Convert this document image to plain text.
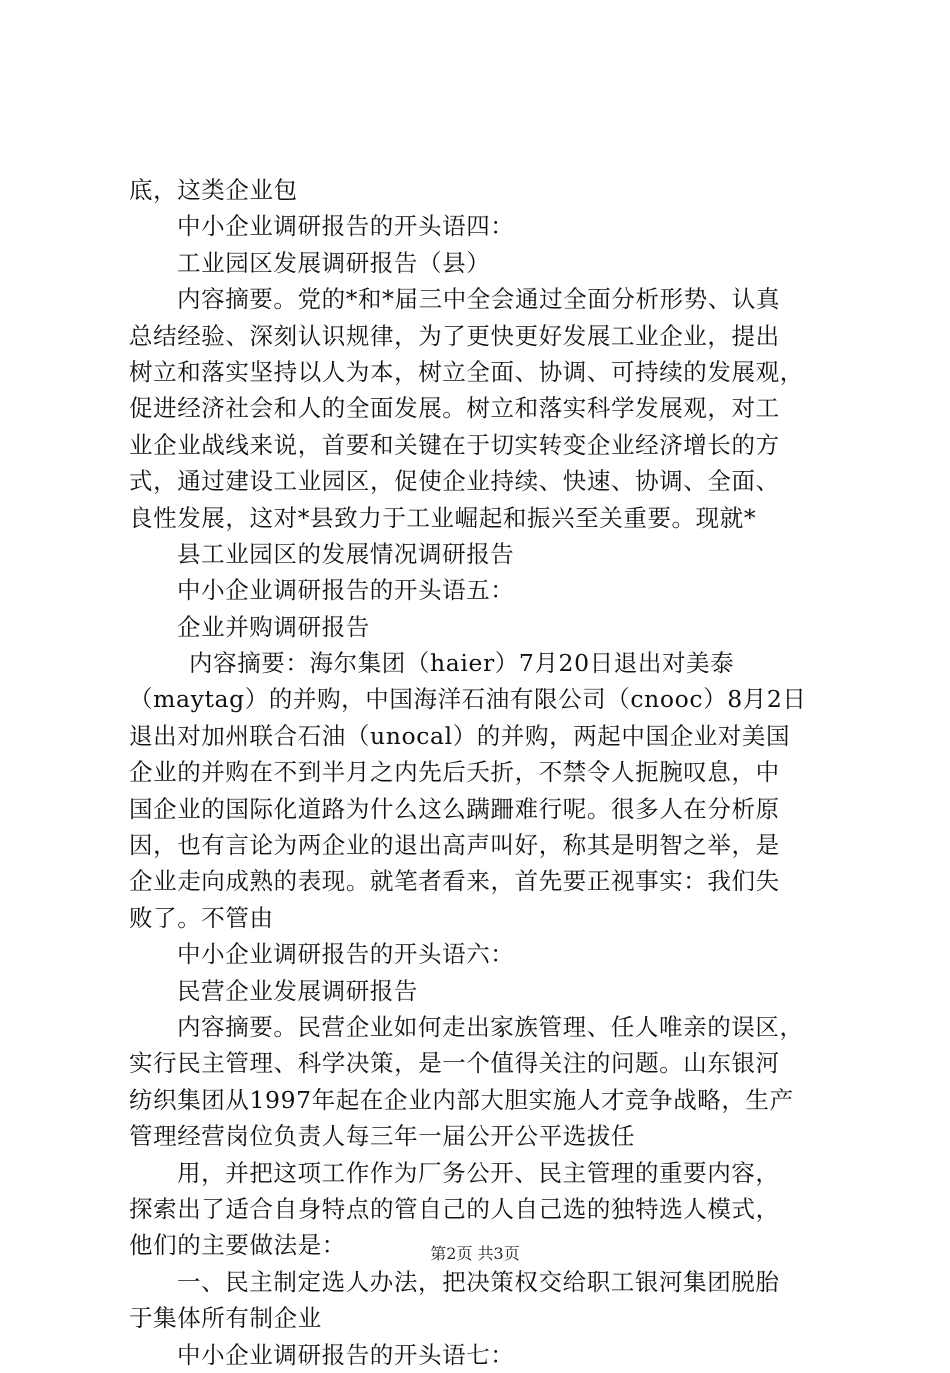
底，这类企业包
中小企业调研报告的开头语四：
工业园区发展调研报告（县）
内容摘要。党的*和*届三中全会通过全面分析形势、认真
总结经验、深刻认识规律，为了更快更好发展工业企业，提出
树立和落实坚持以人为本，树立全面、协调、可持续的发展观，
促进经济社会和人的全面发展。树立和落实科学发展观，对工
业企业战线来说，首要和关键在于切实转变企业经济增长的方
式，通过建设工业园区，促使企业持续、快速、协调、全面、
良性发展，这对*县致力于工业崛起和振兴至关重要。现就*
县工业园区的发展情况调研报告
中小企业调研报告的开头语五：
企业并购调研报告
内容摘要：海尔集团（haier）7月20日退出对美泰
（maytag）的并购，中国海洋石油有限公司（cnooc）8月2日
退出对加州联合石油（unocal）的并购，两起中国企业对美国
企业的并购在不到半月之内先后夭折，不禁令人扼腕叹息，中
国企业的国际化道路为什么这么蹒跚难行呢。很多人在分析原
因，也有言论为两企业的退出高声叫好，称其是明智之举，是
企业走向成熟的表现。就笔者看来，首先要正视事实：我们失
败了。不管由
中小企业调研报告的开头语六：
民营企业发展调研报告
内容摘要。民营企业如何走出家族管理、任人唯亲的误区，
实行民主管理、科学决策，是一个值得关注的问题。山东银河
纺织集团从1997年起在企业内部大胆实施人才竞争战略，生产
管理经营岗位负责人每三年一届公开公平选拔任
用，并把这项工作作为厂务公开、民主管理的重要内容，
探索出了适合自身特点的管自己的人自己选的独特选人模式，
他们的主要做法是：
一、民主制定选人办法，把决策权交给职工银河集团脱胎
于集体所有制企业
中小企业调研报告的开头语七：
第2页 共3页
